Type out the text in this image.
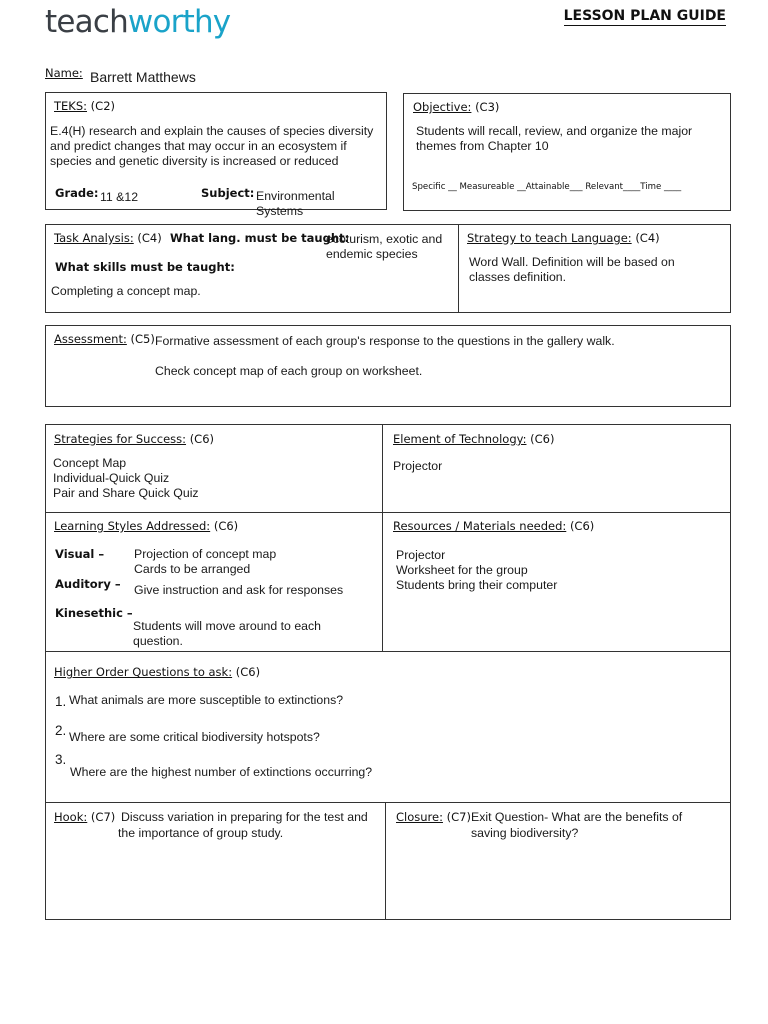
teachworthy	LESSON PLAN GUIDE
Name: Barrett Matthews
TEKS: (C2)
E.4(H) research and explain the causes of species diversity and predict changes that may occur in an ecosystem if species and genetic diversity is increased or reduced
Grade: 11 &12	Subject: Environmental Systems
Objective: (C3)
Students will recall, review, and organize the major themes from Chapter 10
Specific __ Measureable __Attainable___ Relevant____Time ____
Task Analysis: (C4) What lang. must be taught:
ecoturism, exotic and endemic species
What skills must be taught:
Completing a concept map.
Strategy to teach Language: (C4)
Word Wall. Definition will be based on classes definition.
Assessment: (C5) Formative assessment of each group's response to the questions in the gallery walk.
Check concept map of each group on worksheet.
Strategies for Success: (C6)
Concept Map
Individual-Quick Quiz
Pair and Share Quick Quiz
Element of Technology: (C6)
Projector
Learning Styles Addressed: (C6)
Visual – Projection of concept map
Cards to be arranged
Auditory – Give instruction and ask for responses
Kinesethic –
Students will move around to each question.
Resources / Materials needed: (C6)
Projector
Worksheet for the group
Students bring their computer
Higher Order Questions to ask: (C6)
1. What animals are more susceptible to extinctions?
2. Where are some critical biodiversity hotspots?
3.
Where are the highest number of extinctions occurring?
Hook: (C7) Discuss variation in preparing for the test and
the importance of group study.
Closure: (C7) Exit Question- What are the benefits of
saving biodiversity?
